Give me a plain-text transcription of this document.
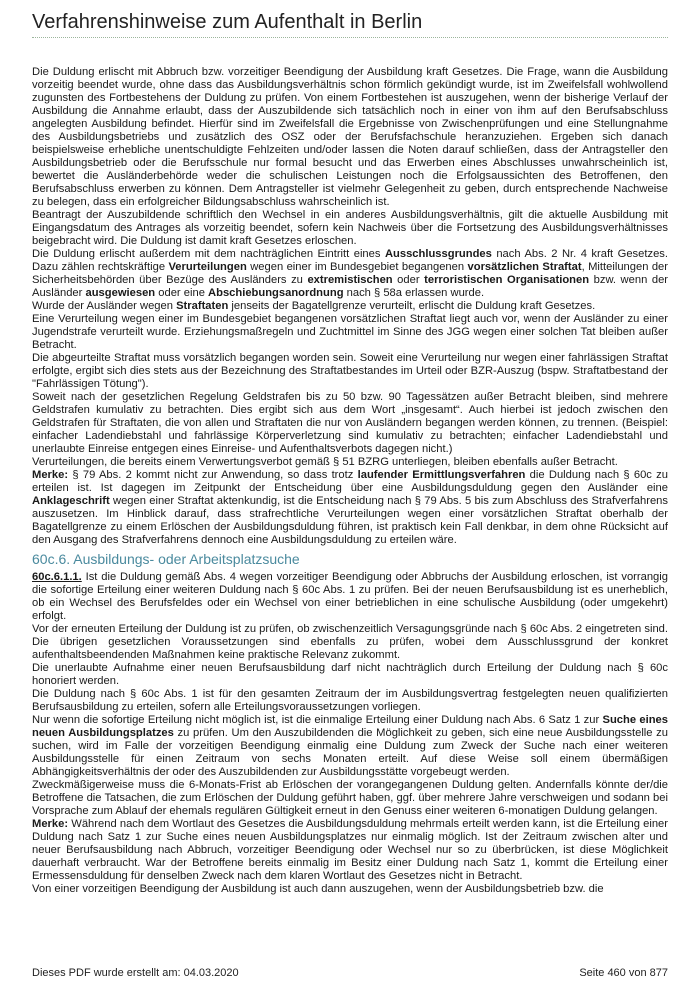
Verfahrenshinweise zum Aufenthalt in Berlin

Die Duldung erlischt mit Abbruch bzw. vorzeitiger Beendigung der Ausbildung kraft Gesetzes. Die Frage, wann die Ausbildung vorzeitig beendet wurde, ohne dass das Ausbildungsverhältnis schon förmlich gekündigt wurde, ist im Zweifelsfall wohlwollend zugunsten des Fortbestehens der Duldung zu prüfen. Von einem Fortbestehen ist auszugehen, wenn der bisherige Verlauf der Ausbildung die Annahme erlaubt, dass der Auszubildende sich tatsächlich noch in einer von ihm auf den Berufsabschluss angelegten Ausbildung befindet. Hierfür sind im Zweifelsfall die Ergebnisse von Zwischenprüfungen und eine Stellungnahme des Ausbildungsbetriebs und zusätzlich des OSZ oder der Berufsfachschule heranzuziehen. Ergeben sich danach beispielsweise erhebliche unentschuldigte Fehlzeiten und/oder lassen die Noten darauf schließen, dass der Antragsteller den Ausbildungsbetrieb oder die Berufsschule nur formal besucht und das Erwerben eines Abschlusses unwahrscheinlich ist, bewertet die Ausländerbehörde weder die schulischen Leistungen noch die Erfolgsaussichten des Betroffenen, den Berufsabschluss erwerben zu können. Dem Antragsteller ist vielmehr Gelegenheit zu geben, durch entsprechende Nachweise zu belegen, dass ein erfolgreicher Bildungsabschluss wahrscheinlich ist.

Beantragt der Auszubildende schriftlich den Wechsel in ein anderes Ausbildungsverhältnis, gilt die aktuelle Ausbildung mit Eingangsdatum des Antrages als vorzeitig beendet, sofern kein Nachweis über die Fortsetzung des Ausbildungsverhältnisses beigebracht wird. Die Duldung ist damit kraft Gesetzes erloschen.

Die Duldung erlischt außerdem mit dem nachträglichen Eintritt eines Ausschlussgrundes nach Abs. 2 Nr. 4 kraft Gesetzes. Dazu zählen rechtskräftige Verurteilungen wegen einer im Bundesgebiet begangenen vorsätzlichen Straftat, Mitteilungen der Sicherheitsbehörden über Bezüge des Ausländers zu extremistischen oder terroristischen Organisationen bzw. wenn der Ausländer ausgewiesen oder eine Abschiebungsanordnung nach § 58a erlassen wurde.

Wurde der Ausländer wegen Straftaten jenseits der Bagatellgrenze verurteilt, erlischt die Duldung kraft Gesetzes.

Eine Verurteilung wegen einer im Bundesgebiet begangenen vorsätzlichen Straftat liegt auch vor, wenn der Ausländer zu einer Jugendstrafe verurteilt wurde. Erziehungsmaßregeln und Zuchtmittel im Sinne des JGG wegen einer solchen Tat bleiben außer Betracht.

Die abgeurteilte Straftat muss vorsätzlich begangen worden sein. Soweit eine Verurteilung nur wegen einer fahrlässigen Straftat erfolgte, ergibt sich dies stets aus der Bezeichnung des Straftatbestandes im Urteil oder BZR-Auszug (bspw. Straftatbestand der "Fahrlässigen Tötung").

Soweit nach der gesetzlichen Regelung Geldstrafen bis zu 50 bzw. 90 Tagessätzen außer Betracht bleiben, sind mehrere Geldstrafen kumulativ zu betrachten. Dies ergibt sich aus dem Wort „insgesamt“. Auch hierbei ist jedoch zwischen den Geldstrafen für Straftaten, die von allen und Straftaten die nur von Ausländern begangen werden können, zu trennen. (Beispiel: einfacher Ladendiebstahl und fahrlässige Körperverletzung sind kumulativ zu betrachten; einfacher Ladendiebstahl und unerlaubte Einreise entgegen eines Einreise- und Aufenthaltsverbots dagegen nicht.)

Verurteilungen, die bereits einem Verwertungsverbot gemäß § 51 BZRG unterliegen, bleiben ebenfalls außer Betracht.

Merke: § 79 Abs. 2 kommt nicht zur Anwendung, so dass trotz laufender Ermittlungsverfahren die Duldung nach § 60c zu erteilen ist. Ist dagegen im Zeitpunkt der Entscheidung über eine Ausbildungsduldung gegen den Ausländer eine Anklageschrift wegen einer Straftat aktenkundig, ist die Entscheidung nach § 79 Abs. 5 bis zum Abschluss des Strafverfahrens auszusetzen. Im Hinblick darauf, dass strafrechtliche Verurteilungen wegen einer vorsätzlichen Straftat oberhalb der Bagatellgrenze zu einem Erlöschen der Ausbildungsduldung führen, ist praktisch kein Fall denkbar, in dem ohne Rücksicht auf den Ausgang des Strafverfahrens dennoch eine Ausbildungsduldung zu erteilen wäre.

60c.6. Ausbildungs- oder Arbeitsplatzsuche

60c.6.1.1. Ist die Duldung gemäß Abs. 4 wegen vorzeitiger Beendigung oder Abbruchs der Ausbildung erloschen, ist vorrangig die sofortige Erteilung einer weiteren Duldung nach § 60c Abs. 1 zu prüfen. Bei der neuen Berufsausbildung ist es unerheblich, ob ein Wechsel des Berufsfeldes oder ein Wechsel von einer betrieblichen in eine schulische Ausbildung (oder umgekehrt) erfolgt.

Vor der erneuten Erteilung der Duldung ist zu prüfen, ob zwischenzeitlich Versagungsgründe nach § 60c Abs. 2 eingetreten sind. Die übrigen gesetzlichen Voraussetzungen sind ebenfalls zu prüfen, wobei dem Ausschlussgrund der konkret aufenthaltsbeendenden Maßnahmen keine praktische Relevanz zukommt.

Die unerlaubte Aufnahme einer neuen Berufsausbildung darf nicht nachträglich durch Erteilung der Duldung nach § 60c honoriert werden.

Die Duldung nach § 60c Abs. 1 ist für den gesamten Zeitraum der im Ausbildungsvertrag festgelegten neuen qualifizierten Berufsausbildung zu erteilen, sofern alle Erteilungsvoraussetzungen vorliegen.

Nur wenn die sofortige Erteilung nicht möglich ist, ist die einmalige Erteilung einer Duldung nach Abs. 6 Satz 1 zur Suche eines neuen Ausbildungsplatzes zu prüfen. Um den Auszubildenden die Möglichkeit zu geben, sich eine neue Ausbildungsstelle zu suchen, wird im Falle der vorzeitigen Beendigung einmalig eine Duldung zum Zweck der Suche nach einer weiteren Ausbildungsstelle für einen Zeitraum von sechs Monaten erteilt. Auf diese Weise soll einem übermäßigen Abhängigkeitsverhältnis der oder des Auszubildenden zur Ausbildungsstätte vorgebeugt werden.

Zweckmäßigerweise muss die 6-Monats-Frist ab Erlöschen der vorangegangenen Duldung gelten. Andernfalls könnte der/die Betroffene die Tatsachen, die zum Erlöschen der Duldung geführt haben, ggf. über mehrere Jahre verschweigen und sodann bei Vorsprache zum Ablauf der ehemals regulären Gültigkeit erneut in den Genuss einer weiteren 6-monatigen Duldung gelangen.

Merke: Während nach dem Wortlaut des Gesetzes die Ausbildungsduldung mehrmals erteilt werden kann, ist die Erteilung einer Duldung nach Satz 1 zur Suche eines neuen Ausbildungsplatzes nur einmalig möglich. Ist der Zeitraum zwischen alter und neuer Berufsausbildung nach Abbruch, vorzeitiger Beendigung oder Wechsel nur so zu überbrücken, ist diese Möglichkeit dauerhaft verbraucht. War der Betroffene bereits einmalig im Besitz einer Duldung nach Satz 1, kommt die Erteilung einer Ermessensduldung für denselben Zweck nach dem klaren Wortlaut des Gesetzes nicht in Betracht.

Von einer vorzeitigen Beendigung der Ausbildung ist auch dann auszugehen, wenn der Ausbildungsbetrieb bzw. die

Dieses PDF wurde erstellt am: 04.03.2020	Seite 460 von 877
